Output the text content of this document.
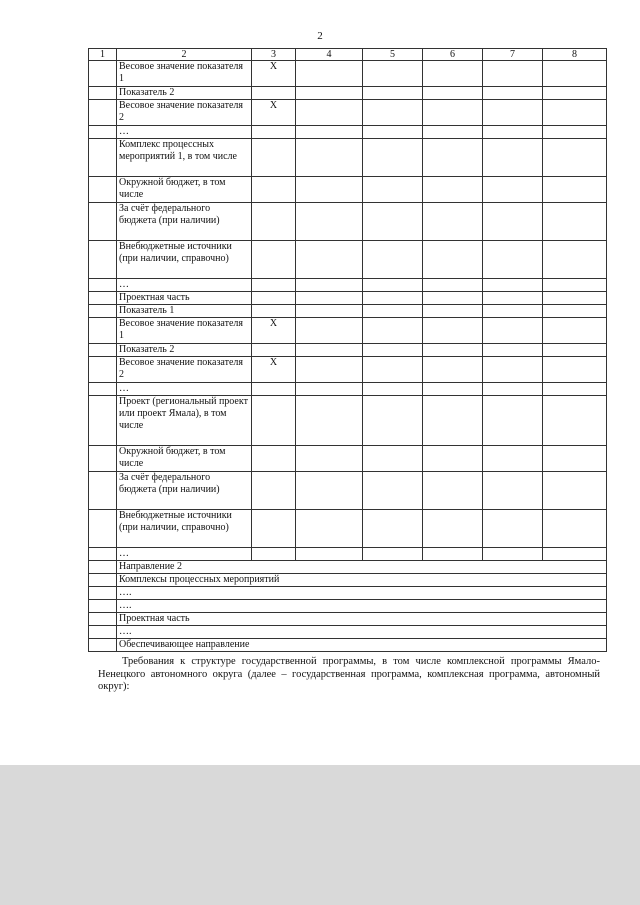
2
1	2	3	4	5	6	7	8
	Весовое значение показателя 1	X					
	Показатель 2						
	Весовое значение показателя 2	X					
	…						
	Комплекс процессных мероприятий 1, в том числе						
	Окружной бюджет, в том числе						
	За счёт федерального бюджета (при наличии)						
	Внебюджетные источники (при наличии, справочно)						
	…						
	Проектная часть						
	Показатель 1						
	Весовое значение показателя 1	X					
	Показатель 2						
	Весовое значение показателя 2	X					
	…						
	Проект (региональный проект или проект Ямала), в том числе						
	Окружной бюджет, в том числе						
	За счёт федерального бюджета (при наличии)						
	Внебюджетные источники (при наличии, справочно)						
	…						
	Направление 2						
	Комплексы процессных мероприятий						
	….						
	….						
	Проектная часть						
	….						
	Обеспечивающее направление						
Требования к структуре государственной программы, в том числе комплексной программы Ямало-Ненецкого автономного округа (далее – государственная программа, комплексная программа, автономный округ):
